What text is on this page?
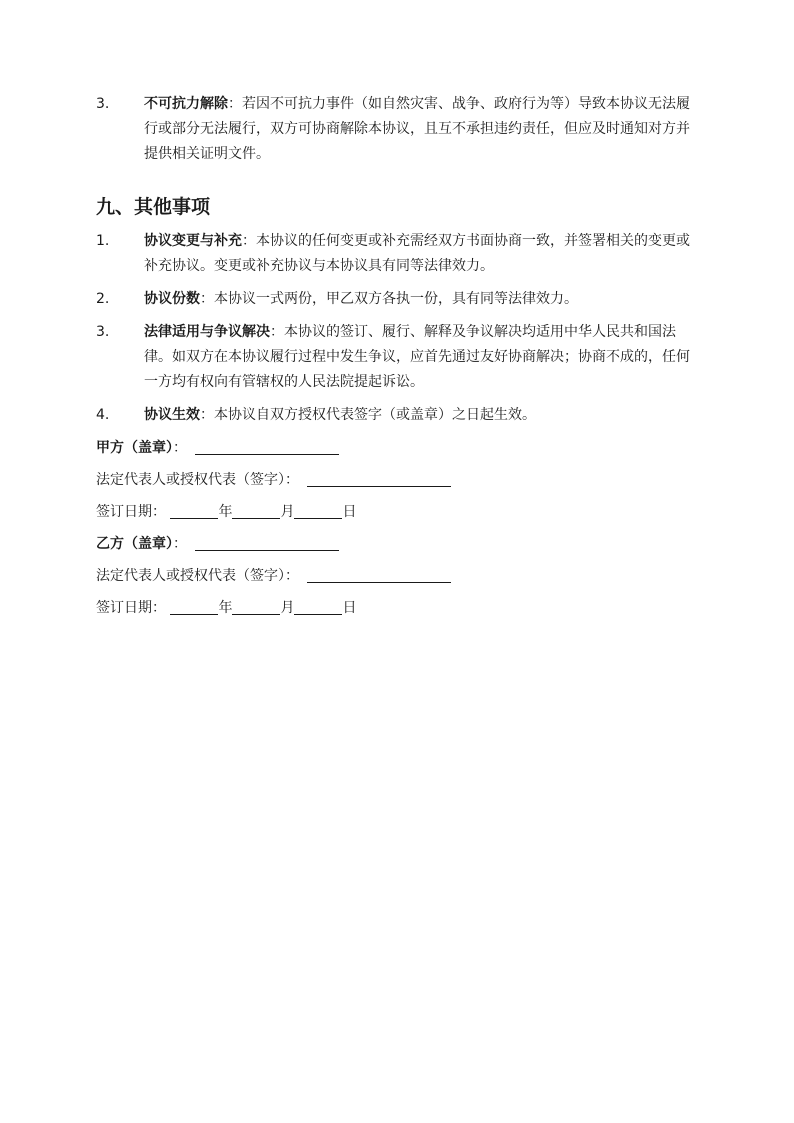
3. 不可抗力解除：若因不可抗力事件（如自然灾害、战争、政府行为等）导致本协议无法履行或部分无法履行，双方可协商解除本协议，且互不承担违约责任，但应及时通知对方并提供相关证明文件。
九、其他事项
1. 协议变更与补充：本协议的任何变更或补充需经双方书面协商一致，并签署相关的变更或补充协议。变更或补充协议与本协议具有同等法律效力。
2. 协议份数：本协议一式两份，甲乙双方各执一份，具有同等法律效力。
3. 法律适用与争议解决：本协议的签订、履行、解释及争议解决均适用中华人民共和国法律。如双方在本协议履行过程中发生争议，应首先通过友好协商解决；协商不成的，任何一方均有权向有管辖权的人民法院提起诉讼。
4. 协议生效：本协议自双方授权代表签字（或盖章）之日起生效。
甲方（盖章）：
法定代表人或授权代表（签字）：
签订日期：	年	月	日
乙方（盖章）：
法定代表人或授权代表（签字）：
签订日期：	年	月	日
